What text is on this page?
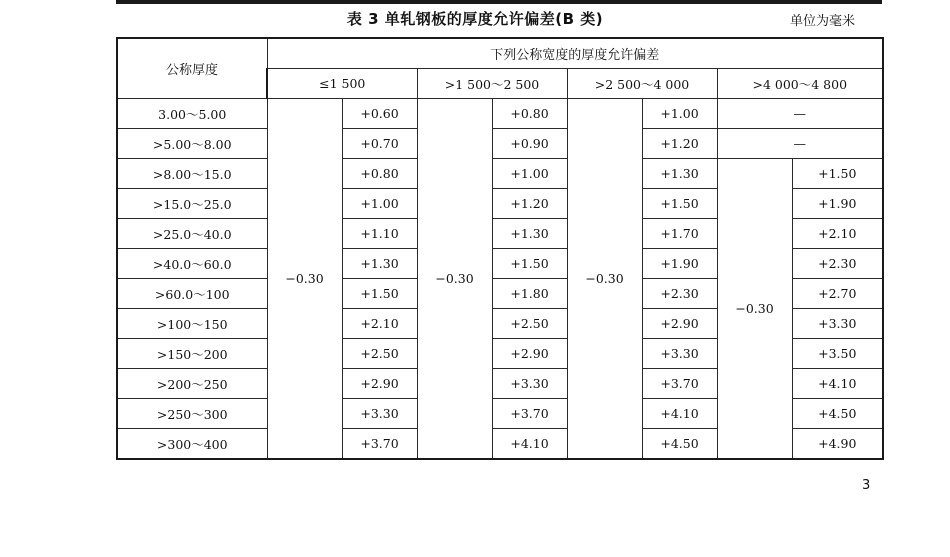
表 3 单轧钢板的厚度允许偏差(B 类)	单位为毫米
公称厚度	下列公称宽度的厚度允许偏差							
	≤1 500		>1 500～2 500		>2 500～4 000		>4 000～4 800	
3.00～5.00	−0.30	+0.60	−0.30	+0.80	−0.30	+1.00	—	
>5.00～8.00		+0.70		+0.90		+1.20	—	
>8.00～15.0		+0.80		+1.00		+1.30	−0.30	+1.50
>15.0～25.0		+1.00		+1.20		+1.50		+1.90
>25.0～40.0		+1.10		+1.30		+1.70		+2.10
>40.0～60.0		+1.30		+1.50		+1.90		+2.30
>60.0～100		+1.50		+1.80		+2.30		+2.70
>100～150		+2.10		+2.50		+2.90		+3.30
>150～200		+2.50		+2.90		+3.30		+3.50
>200～250		+2.90		+3.30		+3.70		+4.10
>250～300		+3.30		+3.70		+4.10		+4.50
>300～400		+3.70		+4.10		+4.50		+4.90
3
